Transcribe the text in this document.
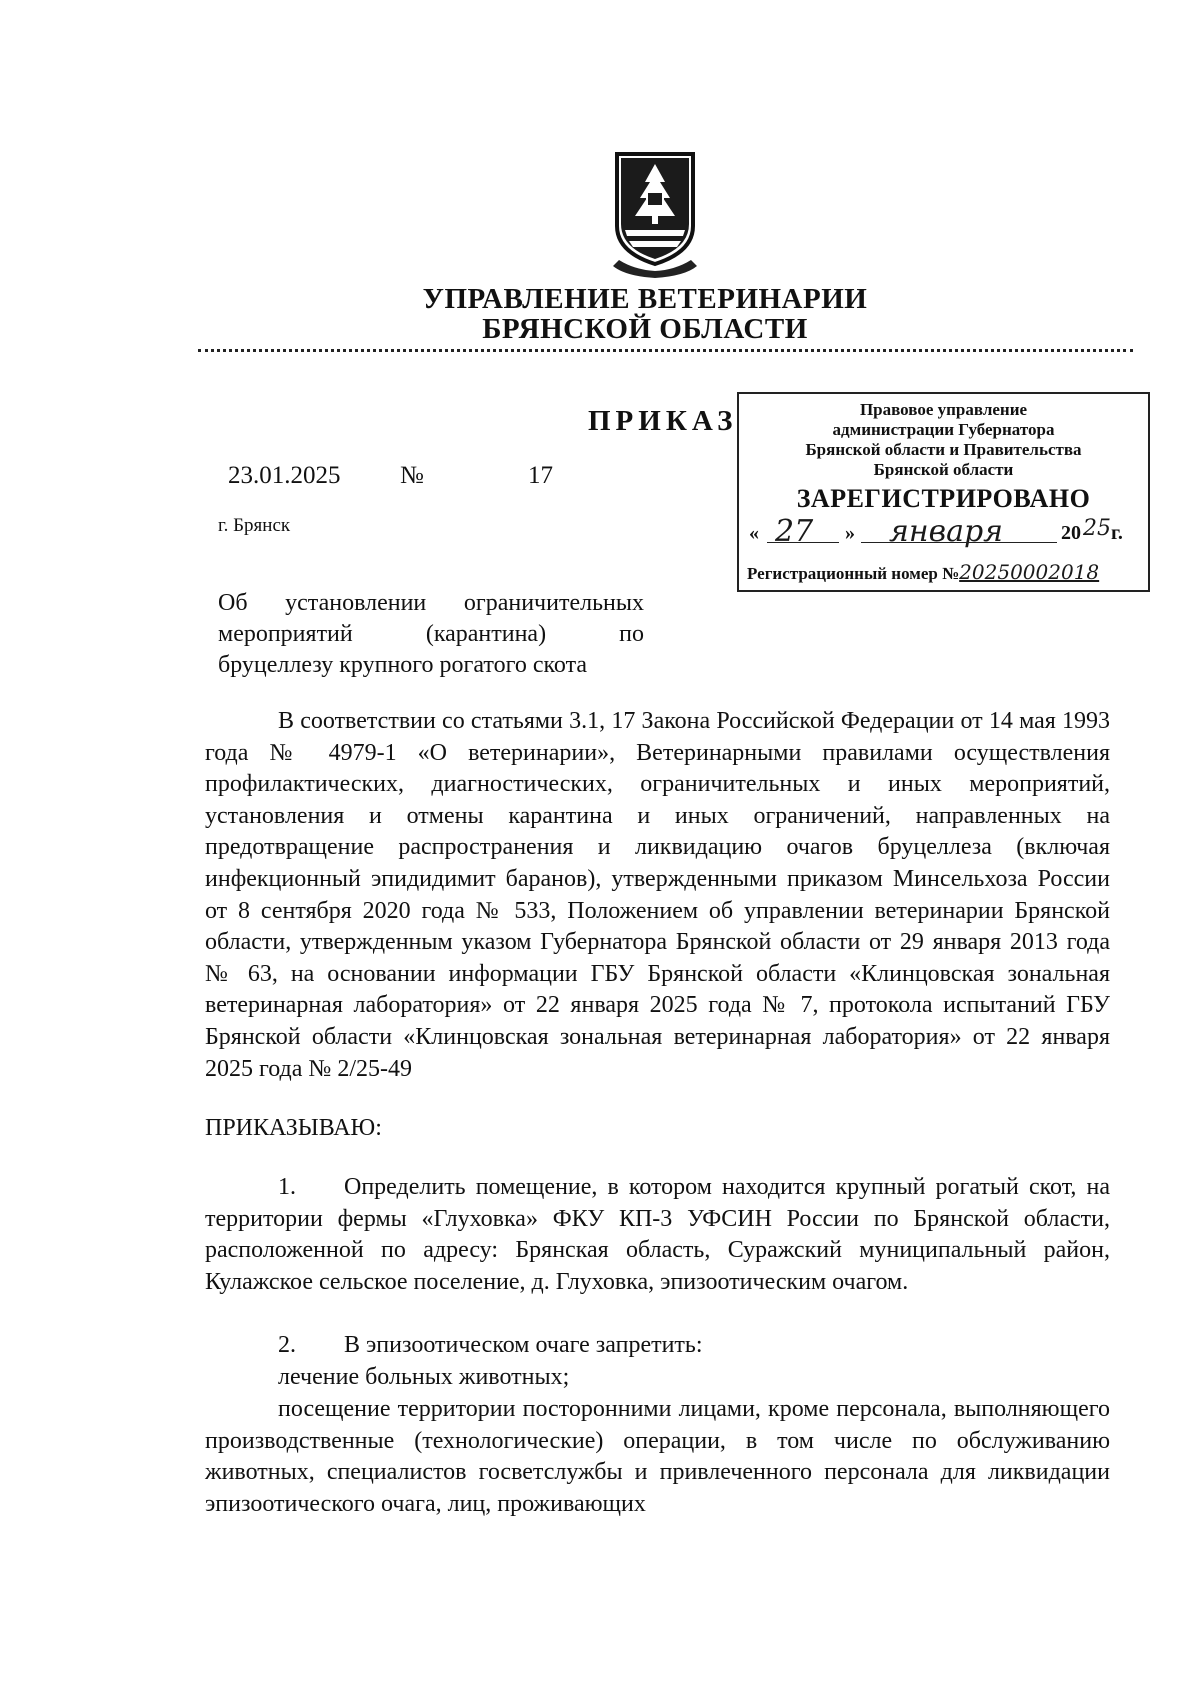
УПРАВЛЕНИЕ ВЕТЕРИНАРИИ
БРЯНСКОЙ ОБЛАСТИ
ПРИКАЗ	Правовое управление
администрации Губернатора
Брянской области и Правительства
Брянской области
ЗАРЕГИСТРИРОВАНО
« 27 » января	20 25 г.
Регистрационный номер №20250002018
23.01.2025 №	17
г. Брянск
Об установлении ограничительных
мероприятий (карантина) по
бруцеллезу крупного рогатого скота
В соответствии со статьями 3.1, 17 Закона Российской Федерации от 14 мая 1993 года № 4979-1 «О ветеринарии», Ветеринарными правилами осуществления профилактических, диагностических, ограничительных и иных мероприятий, установления и отмены карантина и иных ограничений, направленных на предотвращение распространения и ликвидацию очагов бруцеллеза (включая инфекционный эпидидимит баранов), утвержденными приказом Минсельхоза России от 8 сентября 2020 года № 533, Положением об управлении ветеринарии Брянской области, утвержденным указом Губернатора Брянской области от 29 января 2013 года № 63, на основании информации ГБУ Брянской области «Клинцовская зональная ветеринарная лаборатория» от 22 января 2025 года № 7, протокола испытаний ГБУ Брянской области «Клинцовская зональная ветеринарная лаборатория» от 22 января 2025 года № 2/25-49
ПРИКАЗЫВАЮ:
1. Определить помещение, в котором находится крупный рогатый скот, на территории фермы «Глуховка» ФКУ КП-3 УФСИН России по Брянской области, расположенной по адресу: Брянская область, Суражский муниципальный район, Кулажское сельское поселение, д. Глуховка, эпизоотическим очагом.
2. В эпизоотическом очаге запретить:
лечение больных животных;
посещение территории посторонними лицами, кроме персонала, выполняющего производственные (технологические) операции, в том числе по обслуживанию животных, специалистов госветслужбы и привлеченного персонала для ликвидации эпизоотического очага, лиц, проживающих
